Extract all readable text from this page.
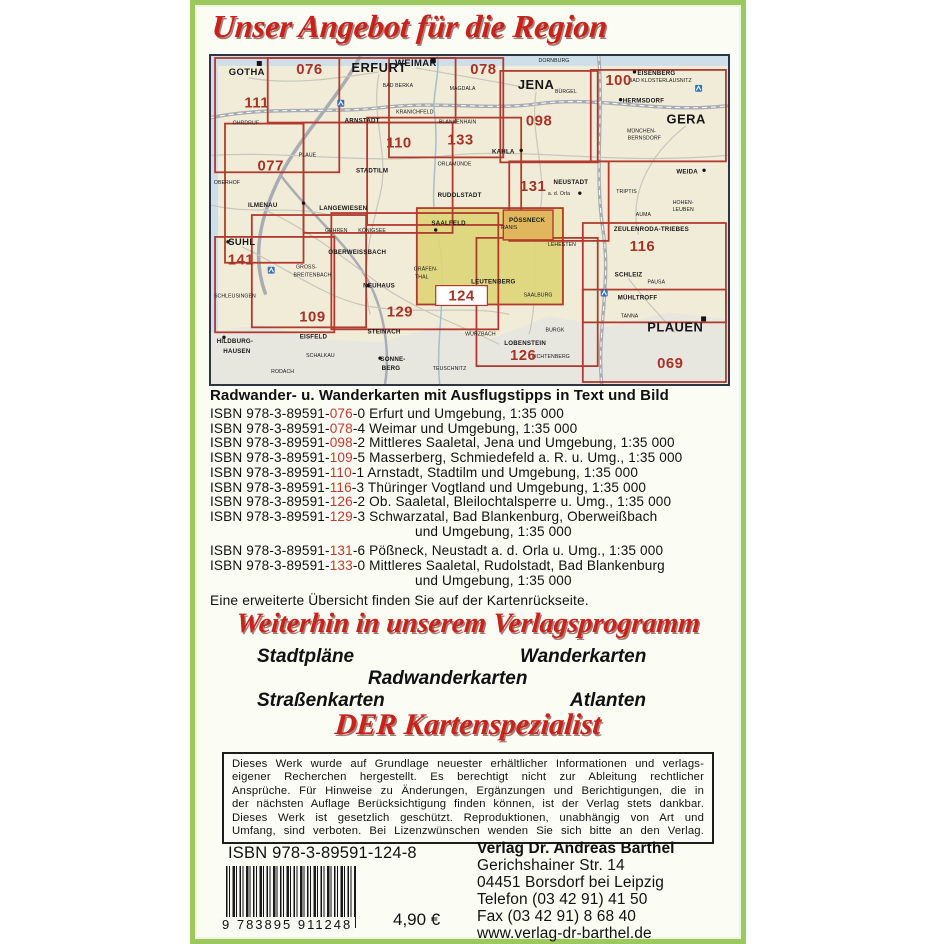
Unser Angebot für die Region
ERFURT
JENA
GERA
PLAUEN
GOTHA
WEIMAR
SUHL
ARNSTADT
STADTILM
ILMENAU	LANGEWIESEN
RUDOLSTADT
SAALFELD	PÖSSNECK
KAHLA
NEUSTADT
HERMSDORF
EISENBERG
WEIDA
ZEULENRODA-TRIEBES
SCHLEIZ
MÜHLTROFF
LEUTENBERG
OBERWEISSBACH
NEUHAUS
EISFELD
STEINACH
LOBENSTEIN
SONNE-
BERG
HILDBURG-
HAUSEN
OHRDRUF
OBERHOF
PLAUE
KRANICHFELD
BAD BERKA	MAGDALA
BLANKENHAIN
DORNBURG
BÜRGEL
BAD KLOSTERLAUSNITZ
MÜNCHEN-
BERNSDORF
ORLAMÜNDE
a. d. Orla
RANIS
TRIPTIS
HOHEN-
LEUBEN
AUMA
PAUSA
TANNA
SAALBURG
BURGK
WURZBACH
LEHESTEN
GRÄFEN-
THAL
GROSS-
BREITENBACH
GEHREN KÖNIGSEE
SCHLEUSINGEN
SCHALKAU
TEUSCHNITZ
RODACH
LICHTENBERG
124
111
076	078
100
098
110 133
077
131
141
116
129
109
126	069
Radwander- u. Wanderkarten mit Ausflugstipps in Text und Bild
ISBN 978-3-89591-076-0 Erfurt und Umgebung, 1:35 000
ISBN 978-3-89591-078-4 Weimar und Umgebung, 1:35 000
ISBN 978-3-89591-098-2 Mittleres Saaletal, Jena und Umgebung, 1:35 000
ISBN 978-3-89591-109-5 Masserberg, Schmiedefeld a. R. u. Umg., 1:35 000
ISBN 978-3-89591-110-1 Arnstadt, Stadtilm und Umgebung, 1:35 000
ISBN 978-3-89591-116-3 Thüringer Vogtland und Umgebung, 1:35 000
ISBN 978-3-89591-126-2 Ob. Saaletal, Bleilochtalsperre u. Umg., 1:35 000
ISBN 978-3-89591-129-3 Schwarzatal, Bad Blankenburg, Oberweißbach
und Umgebung, 1:35 000
ISBN 978-3-89591-131-6 Pößneck, Neustadt a. d. Orla u. Umg., 1:35 000
ISBN 978-3-89591-133-0 Mittleres Saaletal, Rudolstadt, Bad Blankenburg
und Umgebung, 1:35 000
Eine erweiterte Übersicht finden Sie auf der Kartenrückseite.
Weiterhin in unserem Verlagsprogramm
Stadtpläne	Wanderkarten
Radwanderkarten
Straßenkarten	Atlanten
DER Kartenspezialist
Dieses Werk wurde auf Grundlage neuester erhältlicher Informationen und verlags-
eigener Recherchen hergestellt. Es berechtigt nicht zur Ableitung rechtlicher
Ansprüche. Für Hinweise zu Änderungen, Ergänzungen und Berichtigungen, die in
der nächsten Auflage Berücksichtigung finden können, ist der Verlag stets dankbar.
Dieses Werk ist gesetzlich geschützt. Reproduktionen, unabhängig von Art und
Umfang, sind verboten. Bei Lizenzwünschen wenden Sie sich bitte an den Verlag.
ISBN 978-3-89591-124-8
9 783895 911248 4,90 €
Verlag Dr. Andreas Barthel
Gerichshainer Str. 14
04451 Borsdorf bei Leipzig
Telefon (03 42 91) 41 50
Fax (03 42 91) 8 68 40
www.verlag-dr-barthel.de
